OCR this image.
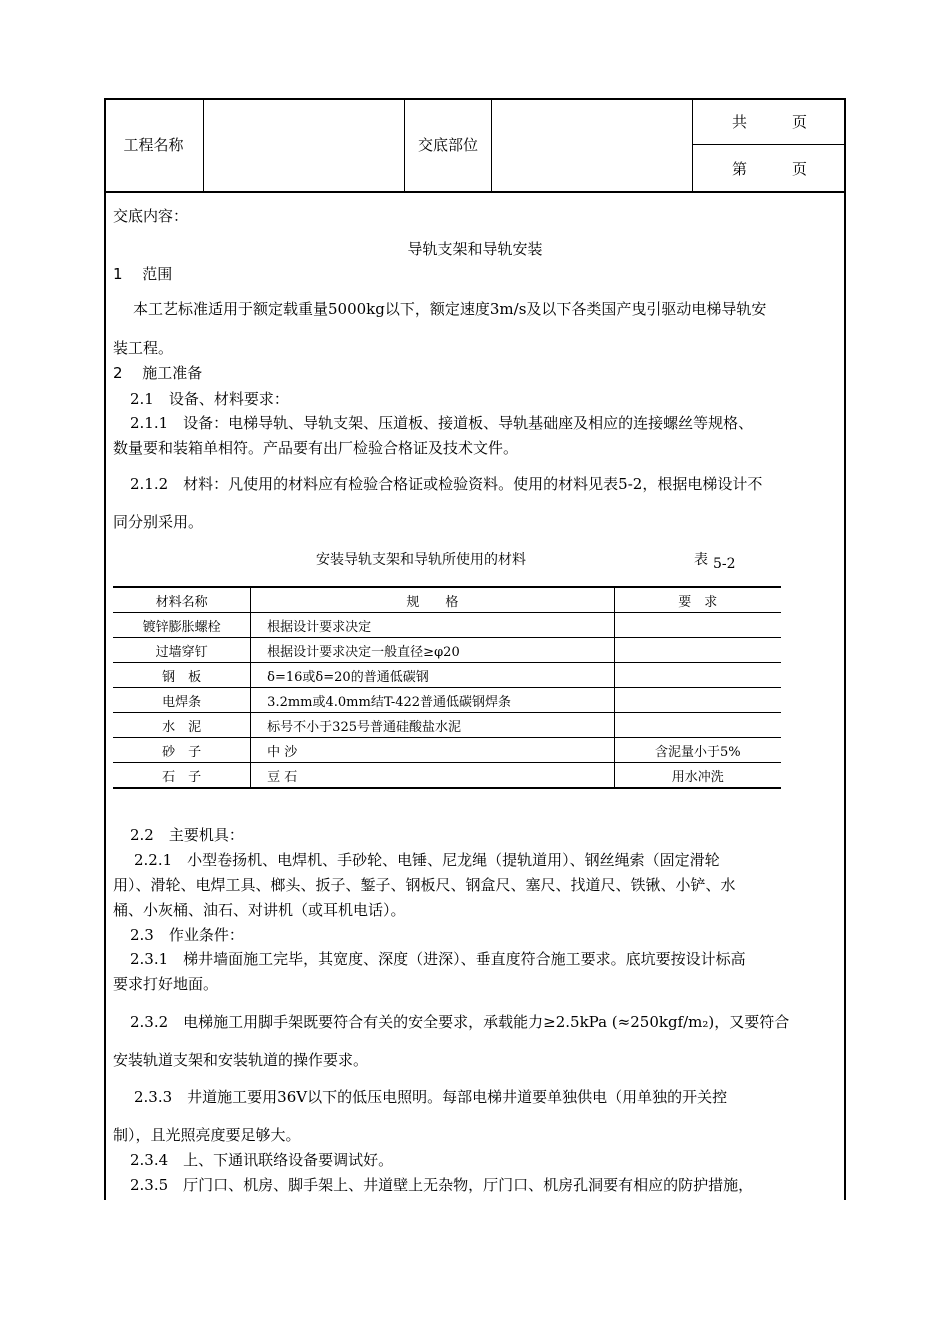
工程名称	交底部位
共　　　页
第　　　页
交底内容：
导轨支架和导轨安装
1　 范围
本工艺标准适用于额定载重量5000kg以下，额定速度3m/s及以下各类国产曳引驱动电梯导轨安
装工程。
2　 施工准备
2.1　设备、材料要求：
2.1.1　设备：电梯导轨、导轨支架、压道板、接道板、导轨基础座及相应的连接螺丝等规格、
数量要和装箱单相符。产品要有出厂检验合格证及技术文件。
2.1.2　材料：凡使用的材料应有检验合格证或检验资料。使用的材料见表5-2，根据电梯设计不
同分别采用。
安装导轨支架和导轨所使用的材料	表 5-2
材料名称	规　　格	要　求
镀锌膨胀螺栓	根据设计要求决定	
过墙穿钉	根据设计要求决定一般直径≥φ20	
钢　板	δ=16或δ=20的普通低碳钢	
电焊条	3.2mm或4.0mm结T-422普通低碳钢焊条	
水　泥	标号不小于325号普通硅酸盐水泥	
砂　子	中 沙	含泥量小于5%
石　子	豆 石	用水冲洗
2.2　主要机具：
2.2.1　小型卷扬机、电焊机、手砂轮、电锤、尼龙绳（提轨道用）、钢丝绳索（固定滑轮
用）、滑轮、电焊工具、榔头、扳子、錾子、钢板尺、钢盒尺、塞尺、找道尺、铁锹、小铲、水
桶、小灰桶、油石、对讲机（或耳机电话）。
2.3　作业条件：
2.3.1　梯井墙面施工完毕，其宽度、深度（进深）、垂直度符合施工要求。底坑要按设计标高
要求打好地面。
2.3.2　电梯施工用脚手架既要符合有关的安全要求，承载能力≥2.5kPa (≈250kgf/m₂)，又要符合
安装轨道支架和安装轨道的操作要求。
2.3.3　井道施工要用36V以下的低压电照明。每部电梯井道要单独供电（用单独的开关控
制），且光照亮度要足够大。
2.3.4　上、下通讯联络设备要调试好。
2.3.5　厅门口、机房、脚手架上、井道壁上无杂物，厅门口、机房孔洞要有相应的防护措施，
